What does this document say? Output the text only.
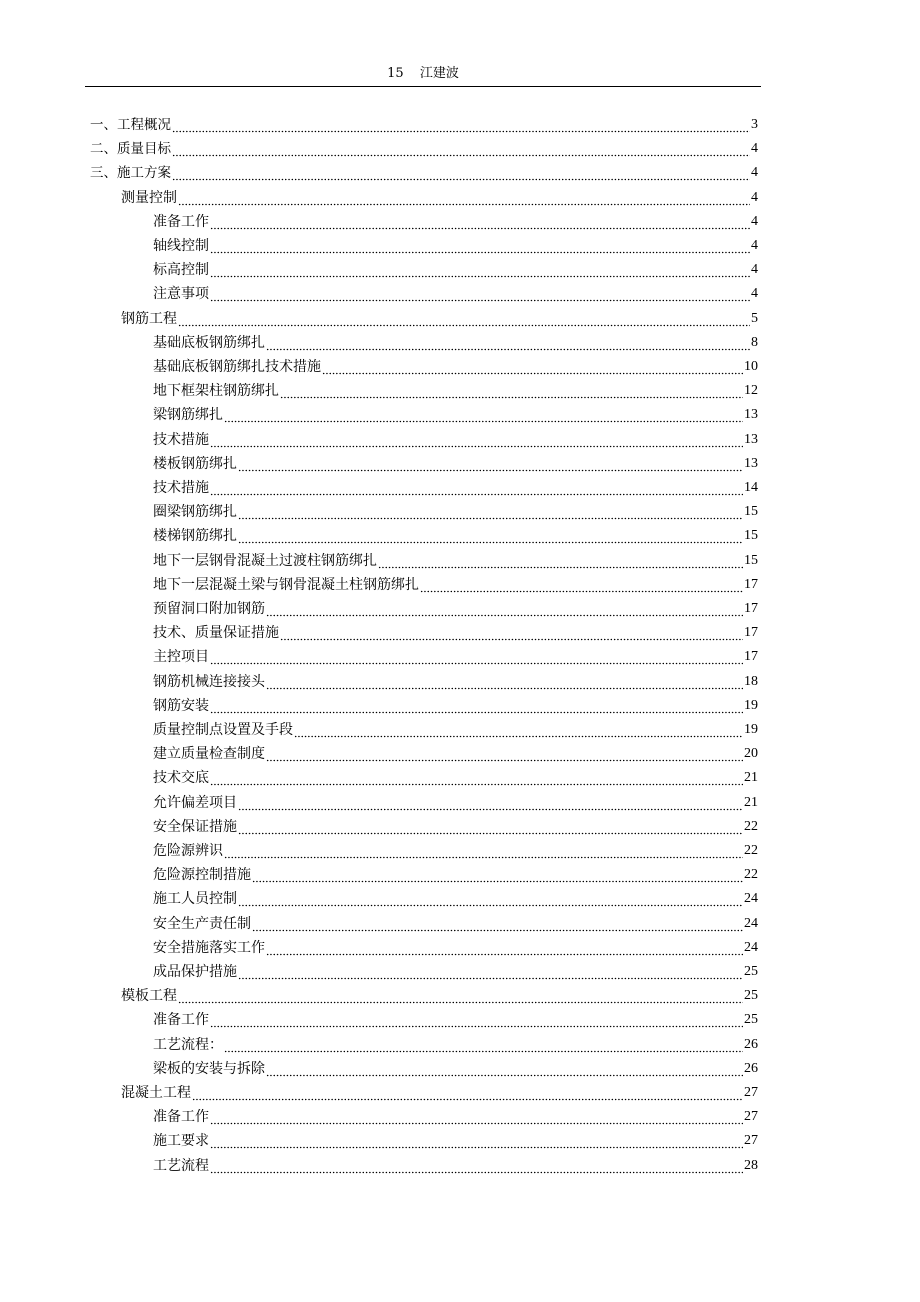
15 江建波
一、工程概况	3
二、质量目标	4
三、施工方案	4
测量控制	4
准备工作	4
轴线控制	4
标高控制	4
注意事项	4
钢筋工程	5
基础底板钢筋绑扎	8
基础底板钢筋绑扎技术措施	10
地下框架柱钢筋绑扎	12
梁钢筋绑扎	13
技术措施	13
楼板钢筋绑扎	13
技术措施	14
圈梁钢筋绑扎	15
楼梯钢筋绑扎	15
地下一层钢骨混凝土过渡柱钢筋绑扎	15
地下一层混凝土梁与钢骨混凝土柱钢筋绑扎	17
预留洞口附加钢筋	17
技术、质量保证措施	17
主控项目	17
钢筋机械连接接头	18
钢筋安装	19
质量控制点设置及手段	19
建立质量检查制度	20
技术交底	21
允许偏差项目	21
安全保证措施	22
危险源辨识	22
危险源控制措施	22
施工人员控制	24
安全生产责任制	24
安全措施落实工作	24
成品保护措施	25
模板工程	25
准备工作	25
工艺流程：	26
梁板的安装与拆除	26
混凝土工程	27
准备工作	27
施工要求	27
工艺流程	28
